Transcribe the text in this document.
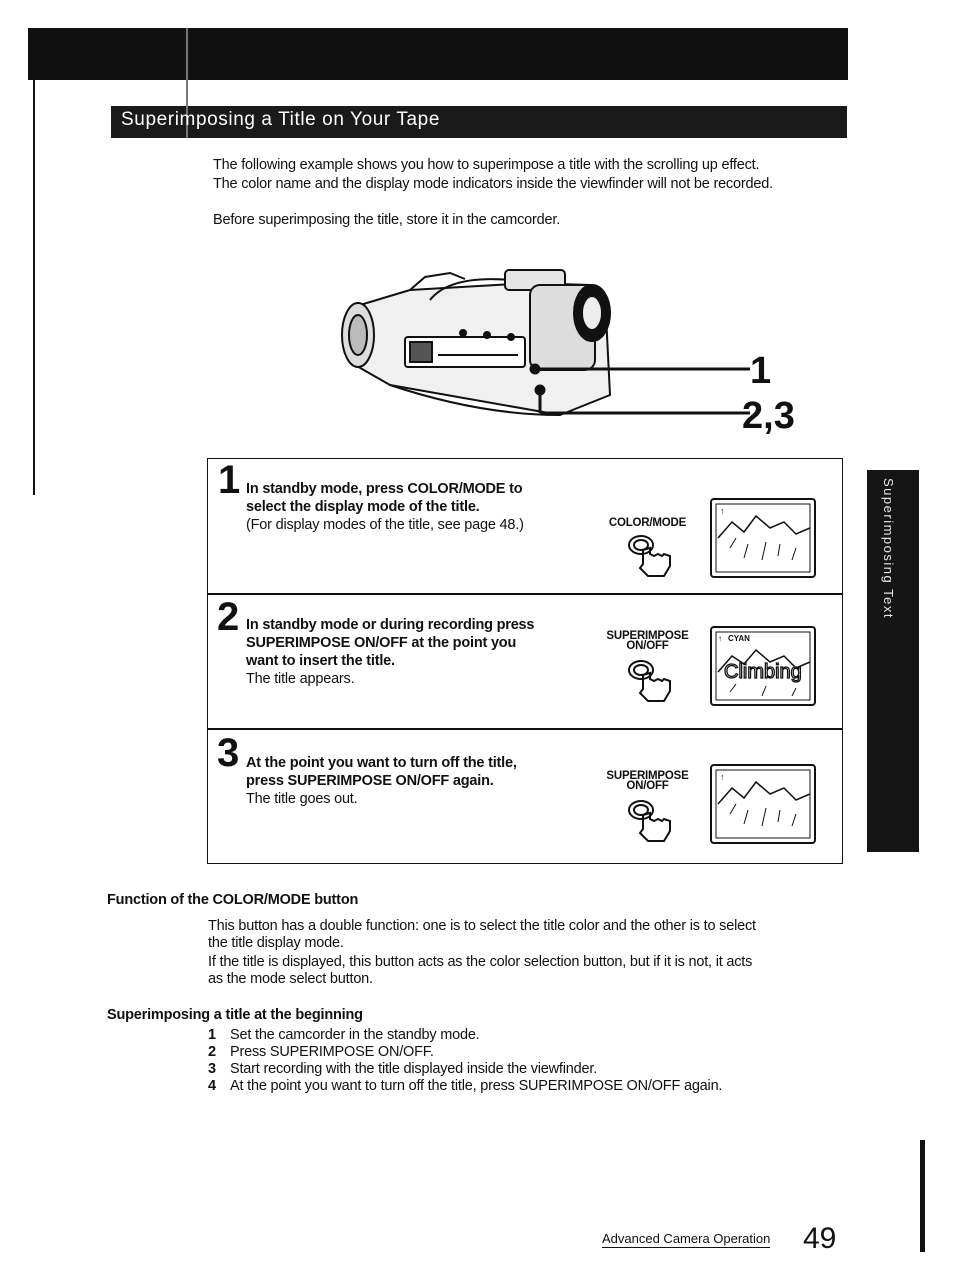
Superimposing a Title on Your Tape
The following example shows you how to superimpose a title with the scrolling up effect.
The color name and the display mode indicators inside the viewfinder will not be recorded.
Before superimposing the title, store it in the camcorder.
1
2,3
Superimposing Text
1 In standby mode, press COLOR/MODE to
select the display mode of the title.
(For display modes of the title, see page 48.)	COLOR/MODE
↑
2 In standby mode or during recording press
SUPERIMPOSE ON/OFF at the point you
want to insert the title.
The title appears.
SUPERIMPOSE
ON/OFF
↑ CYAN
Climbing
3 At the point you want to turn off the title,
press SUPERIMPOSE ON/OFF again.
The title goes out.
SUPERIMPOSE
ON/OFF
↑
Function of the COLOR/MODE button
This button has a double function: one is to select the title color and the other is to select
the title display mode.
If the title is displayed, this button acts as the color selection button, but if it is not, it acts
as the mode select button.
Superimposing a title at the beginning
1 Set the camcorder in the standby mode.
2 Press SUPERIMPOSE ON/OFF.
3 Start recording with the title displayed inside the viewfinder.
4 At the point you want to turn off the title, press SUPERIMPOSE ON/OFF again.
Advanced Camera Operation 49
